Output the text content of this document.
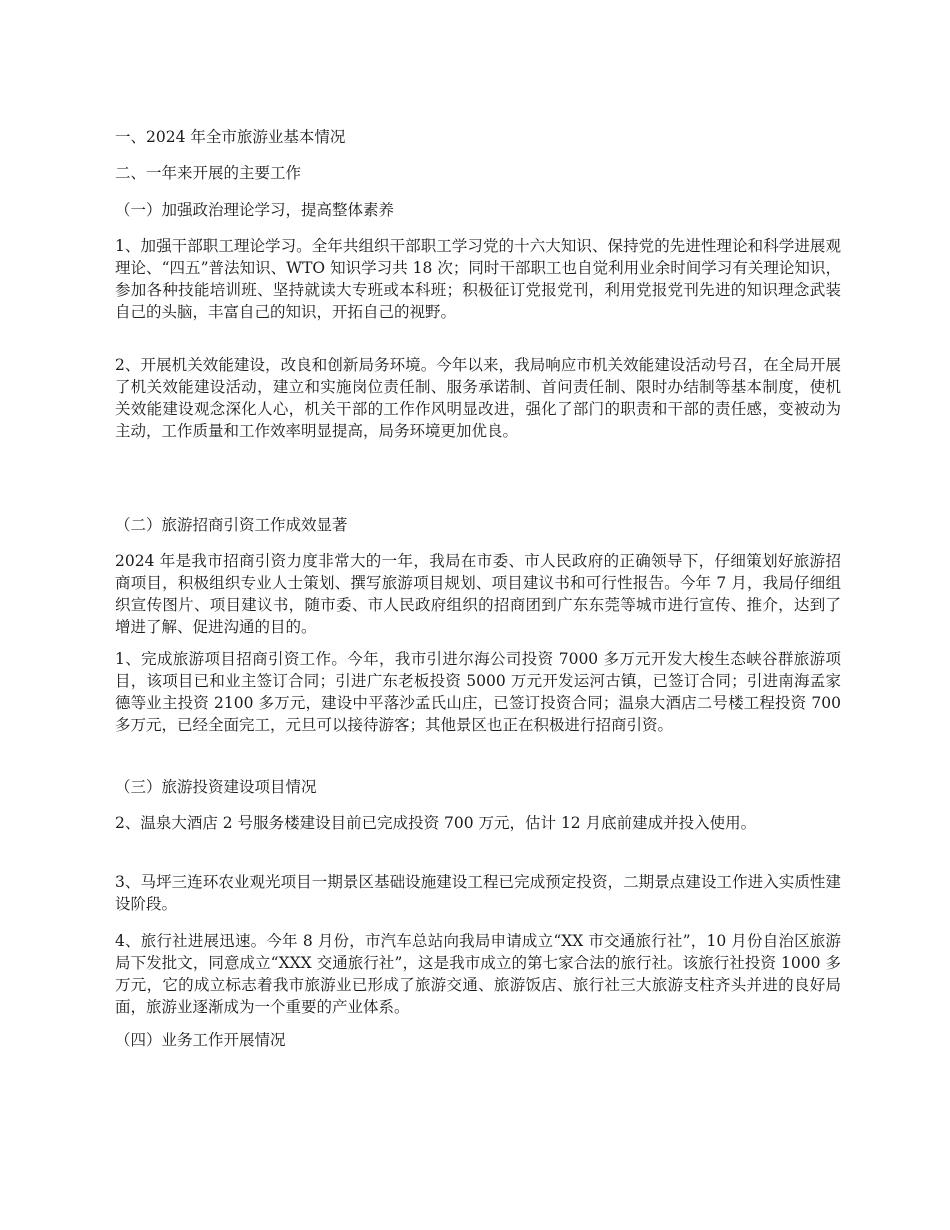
一、2024 年全市旅游业基本情况
二、一年来开展的主要工作
（一）加强政治理论学习，提高整体素养
1、加强干部职工理论学习。全年共组织干部职工学习党的十六大知识、保持党的先进性理论和科学进展观理论、“四五”普法知识、WTO 知识学习共 18 次；同时干部职工也自觉利用业余时间学习有关理论知识，参加各种技能培训班、坚持就读大专班或本科班；积极征订党报党刊，利用党报党刊先进的知识理念武装自己的头脑，丰富自己的知识，开拓自己的视野。
2、开展机关效能建设，改良和创新局务环境。今年以来，我局响应市机关效能建设活动号召，在全局开展了机关效能建设活动，建立和实施岗位责任制、服务承诺制、首问责任制、限时办结制等基本制度，使机关效能建设观念深化人心，机关干部的工作作风明显改进，强化了部门的职责和干部的责任感，变被动为主动，工作质量和工作效率明显提高，局务环境更加优良。
（二）旅游招商引资工作成效显著
2024 年是我市招商引资力度非常大的一年，我局在市委、市人民政府的正确领导下，仔细策划好旅游招商项目，积极组织专业人士策划、撰写旅游项目规划、项目建议书和可行性报告。今年 7 月，我局仔细组织宣传图片、项目建议书，随市委、市人民政府组织的招商团到广东东莞等城市进行宣传、推介，达到了增进了解、促进沟通的目的。
1、完成旅游项目招商引资工作。今年，我市引进尔海公司投资 7000 多万元开发大梭生态峡谷群旅游项目，该项目已和业主签订合同；引进广东老板投资 5000 万元开发运河古镇，已签订合同；引进南海孟家德等业主投资 2100 多万元，建设中平落沙孟氏山庄，已签订投资合同；温泉大酒店二号楼工程投资 700 多万元，已经全面完工，元旦可以接待游客；其他景区也正在积极进行招商引资。
（三）旅游投资建设项目情况
2、温泉大酒店 2 号服务楼建设目前已完成投资 700 万元，估计 12 月底前建成并投入使用。
3、马坪三连环农业观光项目一期景区基础设施建设工程已完成预定投资，二期景点建设工作进入实质性建设阶段。
4、旅行社进展迅速。今年 8 月份，市汽车总站向我局申请成立“XX 市交通旅行社”，10 月份自治区旅游局下发批文，同意成立“XXX 交通旅行社”，这是我市成立的第七家合法的旅行社。该旅行社投资 1000 多万元，它的成立标志着我市旅游业已形成了旅游交通、旅游饭店、旅行社三大旅游支柱齐头并进的良好局面，旅游业逐渐成为一个重要的产业体系。
（四）业务工作开展情况
